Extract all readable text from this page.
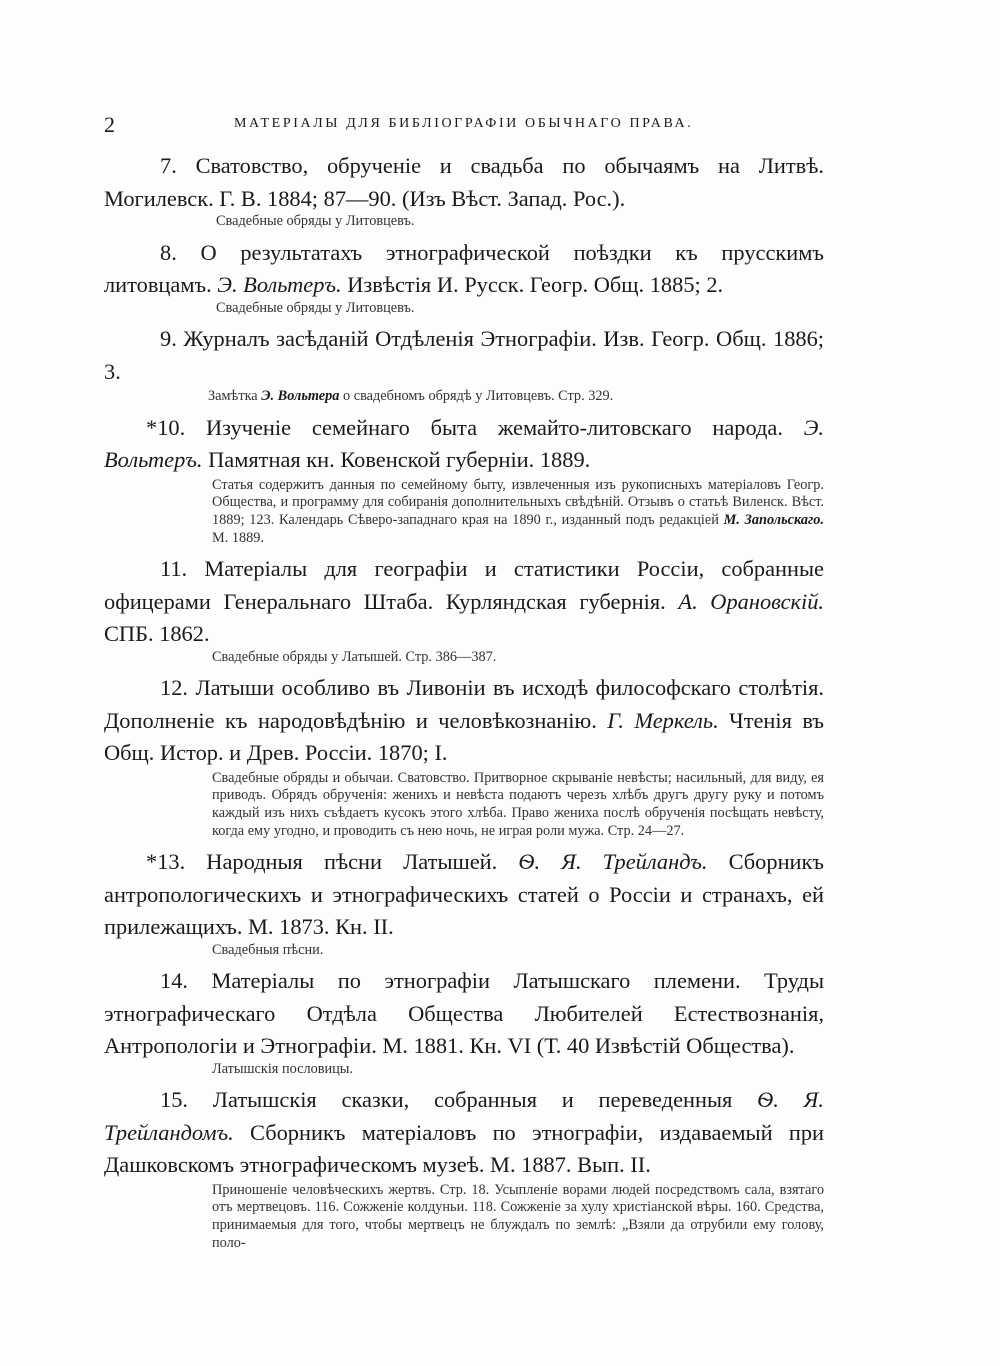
2	МАТЕРІАЛЫ ДЛЯ БИБЛІОГРАФІИ ОБЫЧНАГО ПРАВА.

7. Сватовство, обрученіе и свадьба по обычаямъ на Литвѣ. Могилевск. Г. В. 1884; 87—90. (Изъ Вѣст. Запад. Рос.).

Свадебные обряды у Литовцевъ.

8. О результатахъ этнографической поѣздки къ прусскимъ литовцамъ. Э. Вольтеръ. Извѣстія И. Русск. Геогр. Общ. 1885; 2.

Свадебные обряды у Литовцевъ.

9. Журналъ засѣданій Отдѣленія Этнографіи. Изв. Геогр. Общ. 1886; 3.

Замѣтка Э. Вольтера о свадебномъ обрядѣ у Литовцевъ. Стр. 329.

*10. Изученіе семейнаго быта жемайто-литовскаго народа. Э. Вольтеръ. Памятная кн. Ковенской губерніи. 1889.

Статья содержитъ данныя по семейному быту, извлеченныя изъ рукописныхъ матеріаловъ Геогр. Общества, и программу для собиранія дополнительныхъ свѣдѣній. Отзывъ о статьѣ Виленск. Вѣст. 1889; 123. Календарь Сѣверо-западнаго края на 1890 г., изданный подъ редакціей М. Запольскаго. М. 1889.

11. Матеріалы для географіи и статистики Россіи, собранные офицерами Генеральнаго Штаба. Курляндская губернія. А. Орановскій. СПБ. 1862.

Свадебные обряды у Латышей. Стр. 386—387.

12. Латыши особливо въ Ливоніи въ исходѣ философскаго столѣтія. Дополненіе къ народовѣдѣнію и человѣкознанію. Г. Меркель. Чтенія въ Общ. Истор. и Древ. Россіи. 1870; I.

Свадебные обряды и обычаи. Сватовство. Притворное скрываніе невѣсты; насильный, для виду, ея приводъ. Обрядъ обрученія: женихъ и невѣста подаютъ черезъ хлѣбъ другъ другу руку и потомъ каждый изъ нихъ съѣдаетъ кусокъ этого хлѣба. Право жениха послѣ обрученія посѣщать невѣсту, когда ему угодно, и проводить съ нею ночь, не играя роли мужа. Стр. 24—27.

*13. Народныя пѣсни Латышей. Ѳ. Я. Трейландъ. Сборникъ антропологическихъ и этнографическихъ статей о Россіи и странахъ, ей прилежащихъ. М. 1873. Кн. II.

Свадебныя пѣсни.

14. Матеріалы по этнографіи Латышскаго племени. Труды этнографическаго Отдѣла Общества Любителей Естествознанія, Антропологіи и Этнографіи. М. 1881. Кн. VI (Т. 40 Извѣстій Общества).

Латышскія пословицы.

15. Латышскія сказки, собранныя и переведенныя Ѳ. Я. Трейландомъ. Сборникъ матеріаловъ по этнографіи, издаваемый при Дашковскомъ этнографическомъ музеѣ. М. 1887. Вып. II.

Приношеніе человѣческихъ жертвъ. Стр. 18. Усыпленіе ворами людей посредствомъ сала, взятаго отъ мертвецовъ. 116. Сожженіе колдуньи. 118. Сожженіе за хулу христіанской вѣры. 160. Средства, принимаемыя для того, чтобы мертвецъ не блуждалъ по землѣ: „Взяли да отрубили ему голову, поло-
